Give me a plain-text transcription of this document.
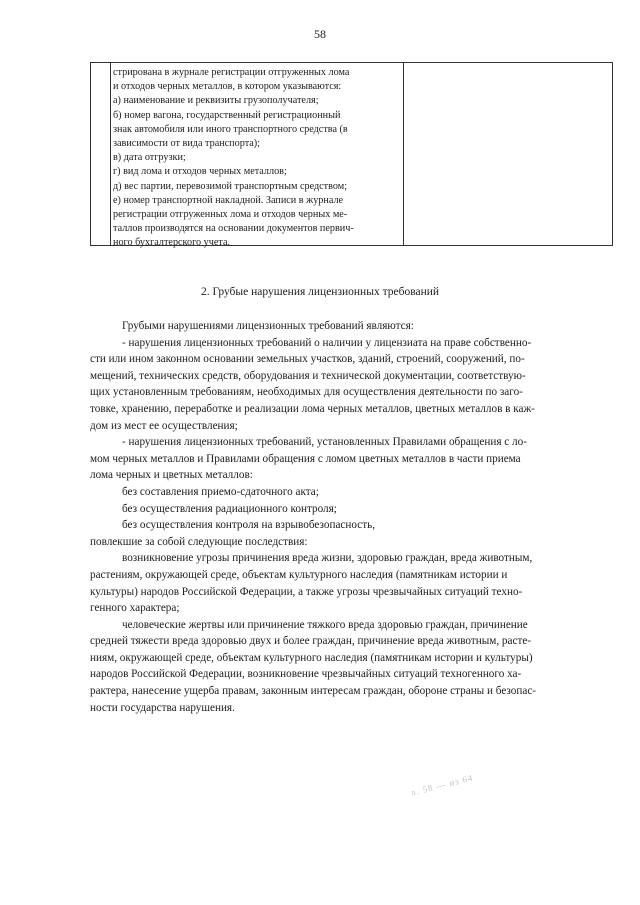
58
стрирована в журнале регистрации отгруженных лома
и отходов черных металлов, в котором указываются:
а) наименование и реквизиты грузополучателя;
б) номер вагона, государственный регистрационный
знак автомобиля или иного транспортного средства (в
зависимости от вида транспорта);
в) дата отгрузки;
г) вид лома и отходов черных металлов;
д) вес партии, перевозимой транспортным средством;
е) номер транспортной накладной. Записи в журнале
регистрации отгруженных лома и отходов черных ме-
таллов производятся на основании документов первич-
ного бухгалтерского учета.
2. Грубые нарушения лицензионных требований
Грубыми нарушениями лицензионных требований являются:
- нарушения лицензионных требований о наличии у лицензиата на праве собственно-
сти или ином законном основании земельных участков, зданий, строений, сооружений, по-
мещений, технических средств, оборудования и технической документации, соответствую-
щих установленным требованиям, необходимых для осуществления деятельности по заго-
товке, хранению, переработке и реализации лома черных металлов, цветных металлов в каж-
дом из мест ее осуществления;
- нарушения лицензионных требований, установленных Правилами обращения с ло-
мом черных металлов и Правилами обращения с ломом цветных металлов в части приема
лома черных и цветных металлов:
без составления приемо-сдаточного акта;
без осуществления радиационного контроля;
без осуществления контроля на взрывобезопасность,
повлекшие за собой следующие последствия:
возникновение угрозы причинения вреда жизни, здоровью граждан, вреда животным,
растениям, окружающей среде, объектам культурного наследия (памятникам истории и
культуры) народов Российской Федерации, а также угрозы чрезвычайных ситуаций техно-
генного характера;
человеческие жертвы или причинение тяжкого вреда здоровью граждан, причинение
средней тяжести вреда здоровью двух и более граждан, причинение вреда животным, расте-
ниям, окружающей среде, объектам культурного наследия (памятникам истории и культуры)
народов Российской Федерации, возникновение чрезвычайных ситуаций техногенного ха-
рактера, нанесение ущерба правам, законным интересам граждан, обороне страны и безопас-
ности государства нарушения.
л. 58 — из 64
